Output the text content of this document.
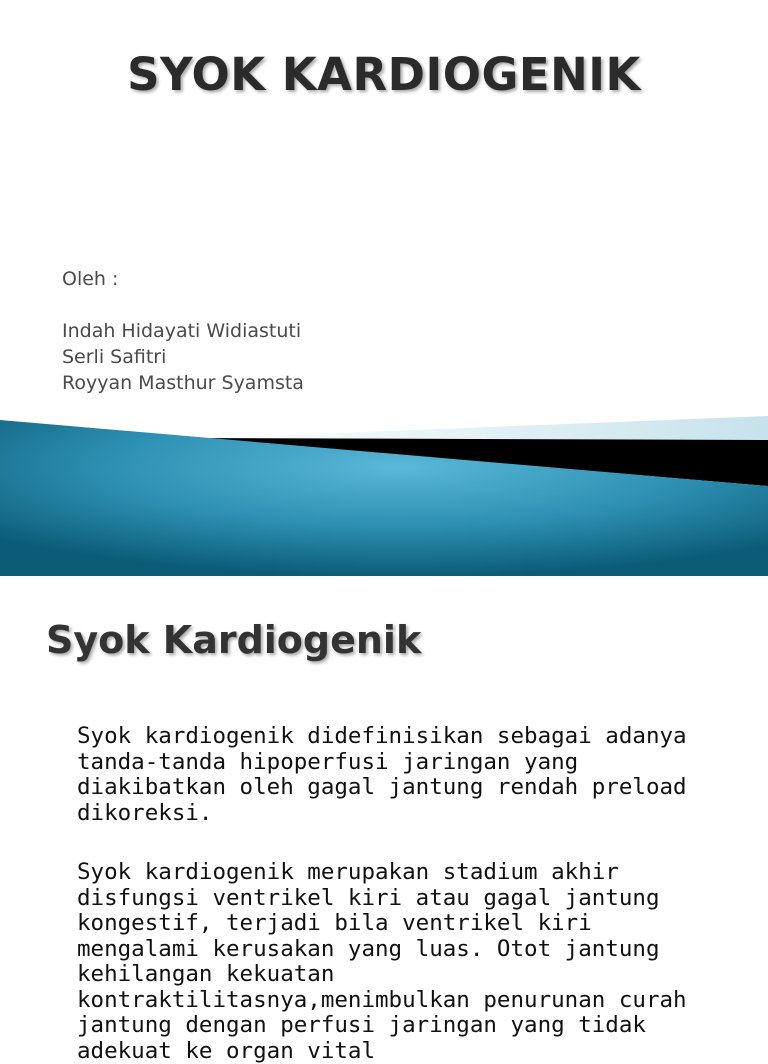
SYOK KARDIOGENIK
Oleh :
Indah Hidayati Widiastuti
Serli Safitri
Royyan Masthur Syamsta
Syok Kardiogenik

Syok kardiogenik didefinisikan sebagai adanya tanda-tanda hipoperfusi jaringan yang diakibatkan oleh gagal jantung rendah preload dikoreksi.

Syok kardiogenik merupakan stadium akhir disfungsi ventrikel kiri atau gagal jantung kongestif, terjadi bila ventrikel kiri mengalami kerusakan yang luas. Otot jantung kehilangan kekuatan kontraktilitasnya,menimbulkan penurunan curah jantung dengan perfusi jaringan yang tidak adekuat ke organ vital
